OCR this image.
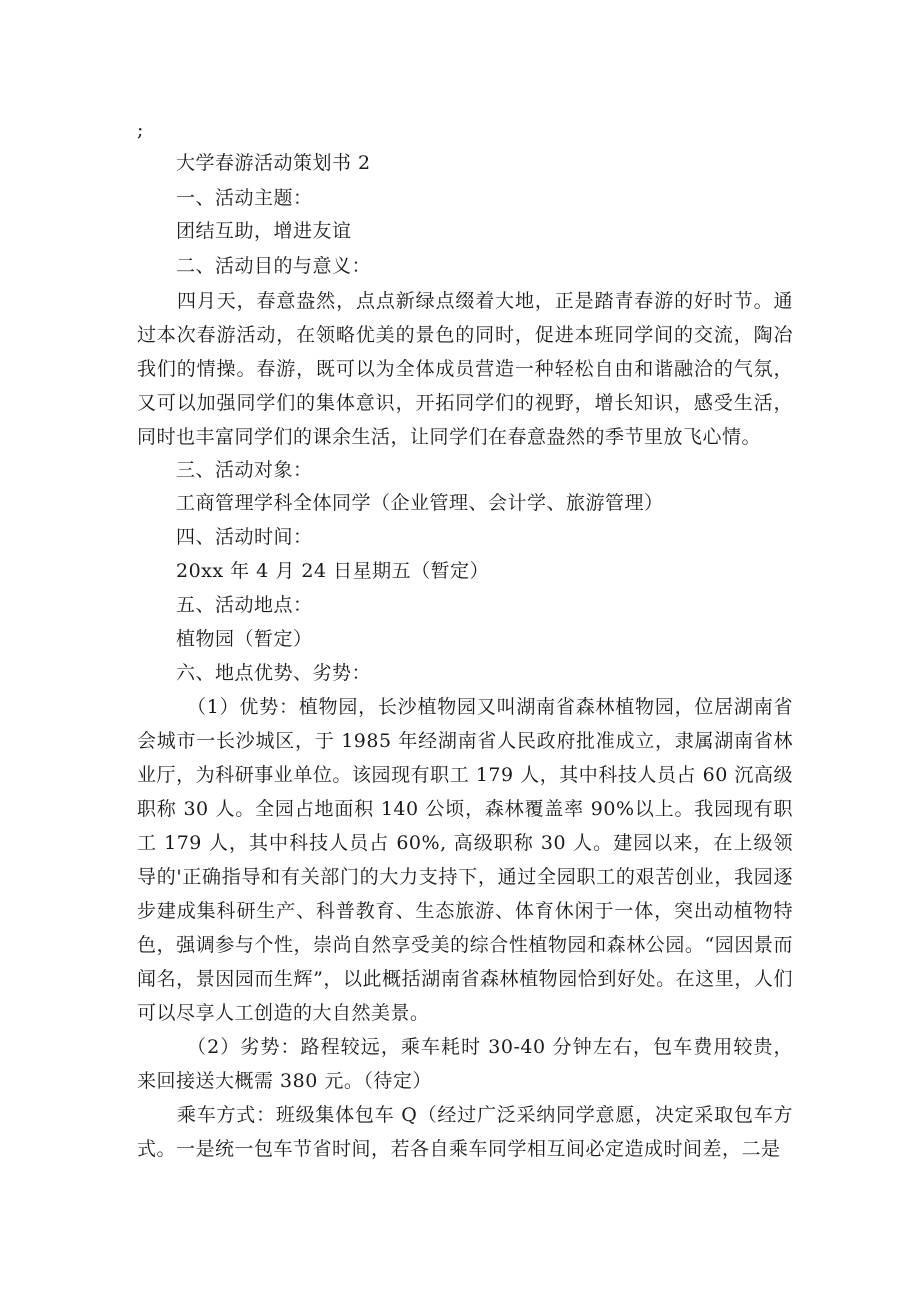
;
大学春游活动策划书 2
一、活动主题：
团结互助，增进友谊
二、活动目的与意义：
四月天，春意盎然，点点新绿点缀着大地，正是踏青春游的好时节。通过本次春游活动，在领略优美的景色的同时，促进本班同学间的交流，陶冶我们的情操。春游，既可以为全体成员营造一种轻松自由和谐融洽的气氛，又可以加强同学们的集体意识，开拓同学们的视野，增长知识，感受生活，同时也丰富同学们的课余生活，让同学们在春意盎然的季节里放飞心情。
三、活动对象：
工商管理学科全体同学（企业管理、会计学、旅游管理）
四、活动时间：
20xx 年 4 月 24 日星期五（暂定）
五、活动地点：
植物园（暂定）
六、地点优势、劣势：
（1）优势：植物园，长沙植物园又叫湖南省森林植物园，位居湖南省会城市一长沙城区，于 1985 年经湖南省人民政府批准成立，隶属湖南省林业厅，为科研事业单位。该园现有职工 179 人，其中科技人员占 60 沉高级职称 30 人。全园占地面积 140 公顷，森林覆盖率 90%以上。我园现有职工 179 人，其中科技人员占 60%, 高级职称 30 人。建园以来，在上级领导的'正确指导和有关部门的大力支持下，通过全园职工的艰苦创业，我园逐步建成集科研生产、科普教育、生态旅游、体育休闲于一体，突出动植物特色，强调参与个性，崇尚自然享受美的综合性植物园和森林公园。“园因景而闻名，景因园而生辉”，以此概括湖南省森林植物园恰到好处。在这里，人们可以尽享人工创造的大自然美景。
（2）劣势：路程较远，乘车耗时 30-40 分钟左右，包车费用较贵，来回接送大概需 380 元。（待定）
乘车方式：班级集体包车 Q（经过广泛采纳同学意愿，决定采取包车方式。一是统一包车节省时间，若各自乘车同学相互间必定造成时间差，二是
